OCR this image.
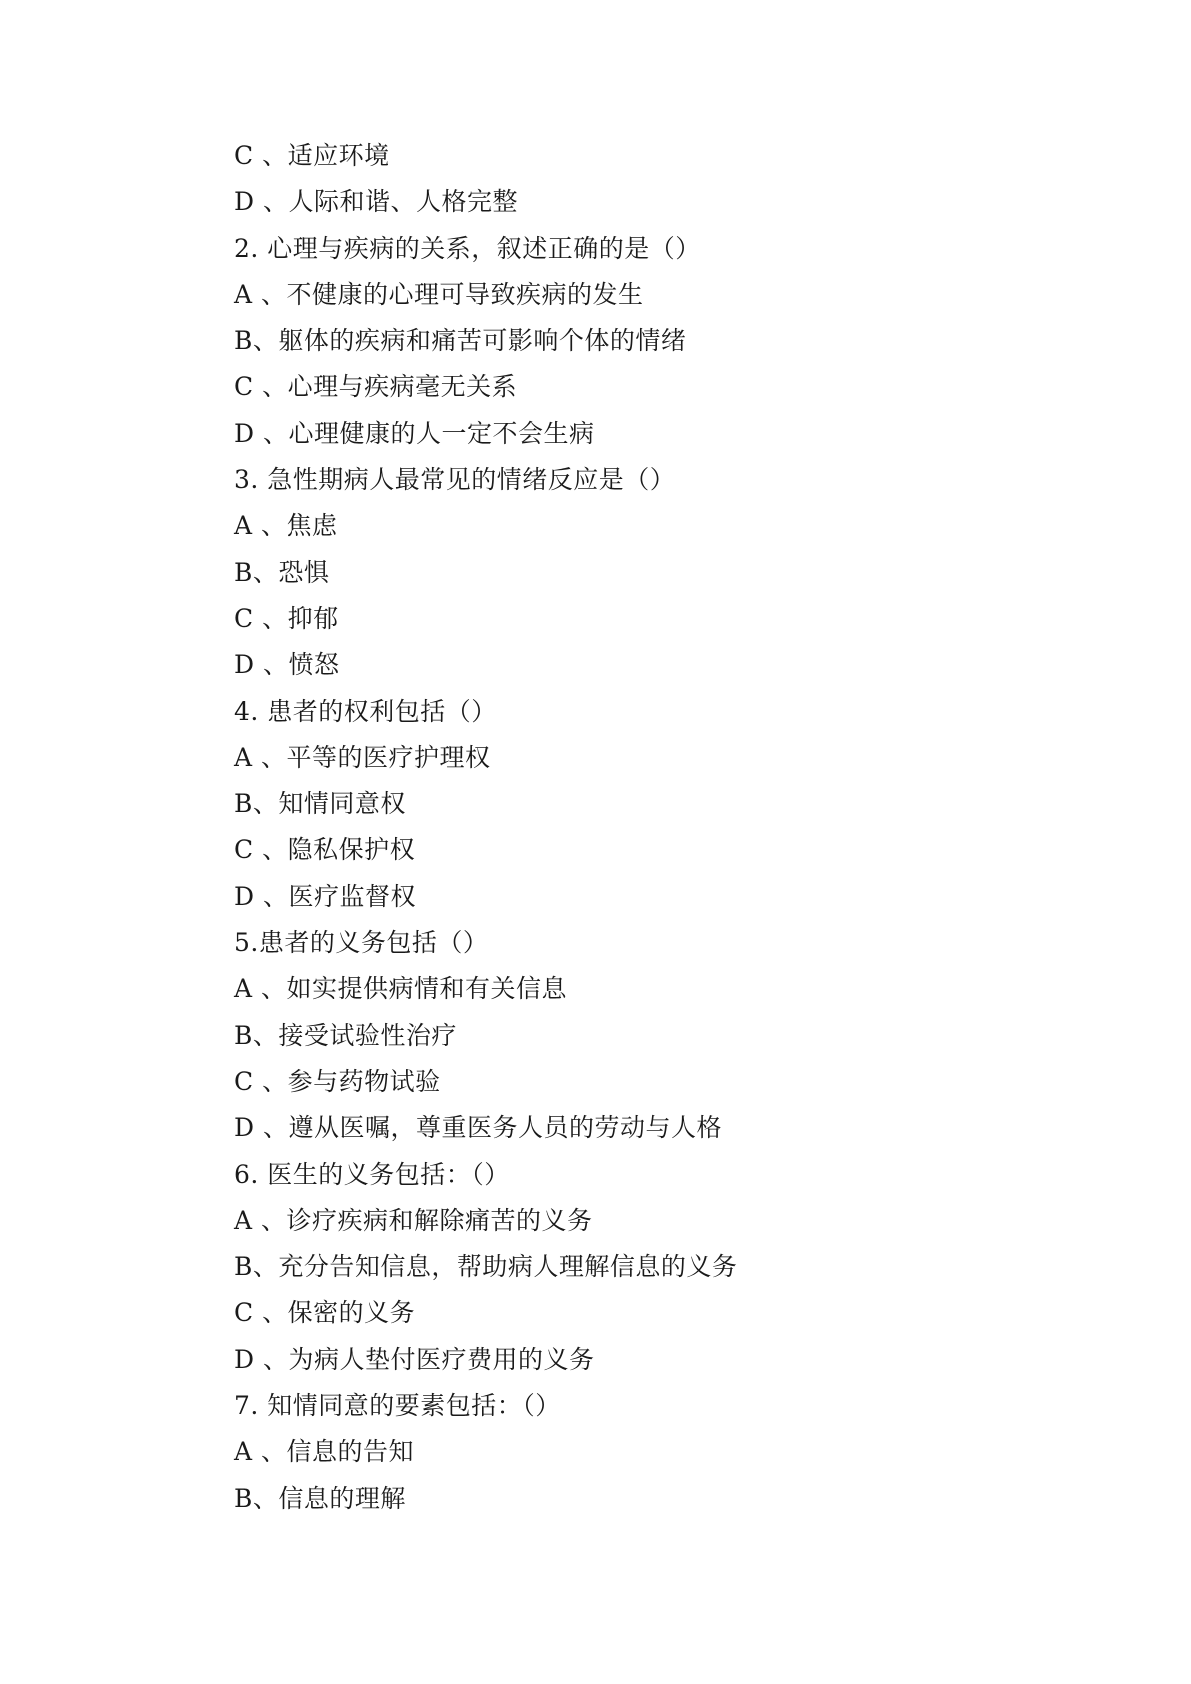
C 、适应环境
D 、人际和谐、人格完整
2. 心理与疾病的关系，叙述正确的是（）
A 、不健康的心理可导致疾病的发生
B、躯体的疾病和痛苦可影响个体的情绪
C 、心理与疾病毫无关系
D 、心理健康的人一定不会生病
3. 急性期病人最常见的情绪反应是（）
A 、焦虑
B、恐惧
C 、抑郁
D 、愤怒
4. 患者的权利包括（）
A 、平等的医疗护理权
B、知情同意权
C 、隐私保护权
D 、医疗监督权
5.患者的义务包括（）
A 、如实提供病情和有关信息
B、接受试验性治疗
C 、参与药物试验
D 、遵从医嘱，尊重医务人员的劳动与人格
6. 医生的义务包括：（）
A 、诊疗疾病和解除痛苦的义务
B、充分告知信息，帮助病人理解信息的义务
C 、保密的义务
D 、为病人垫付医疗费用的义务
7. 知情同意的要素包括：（）
A 、信息的告知
B、信息的理解
